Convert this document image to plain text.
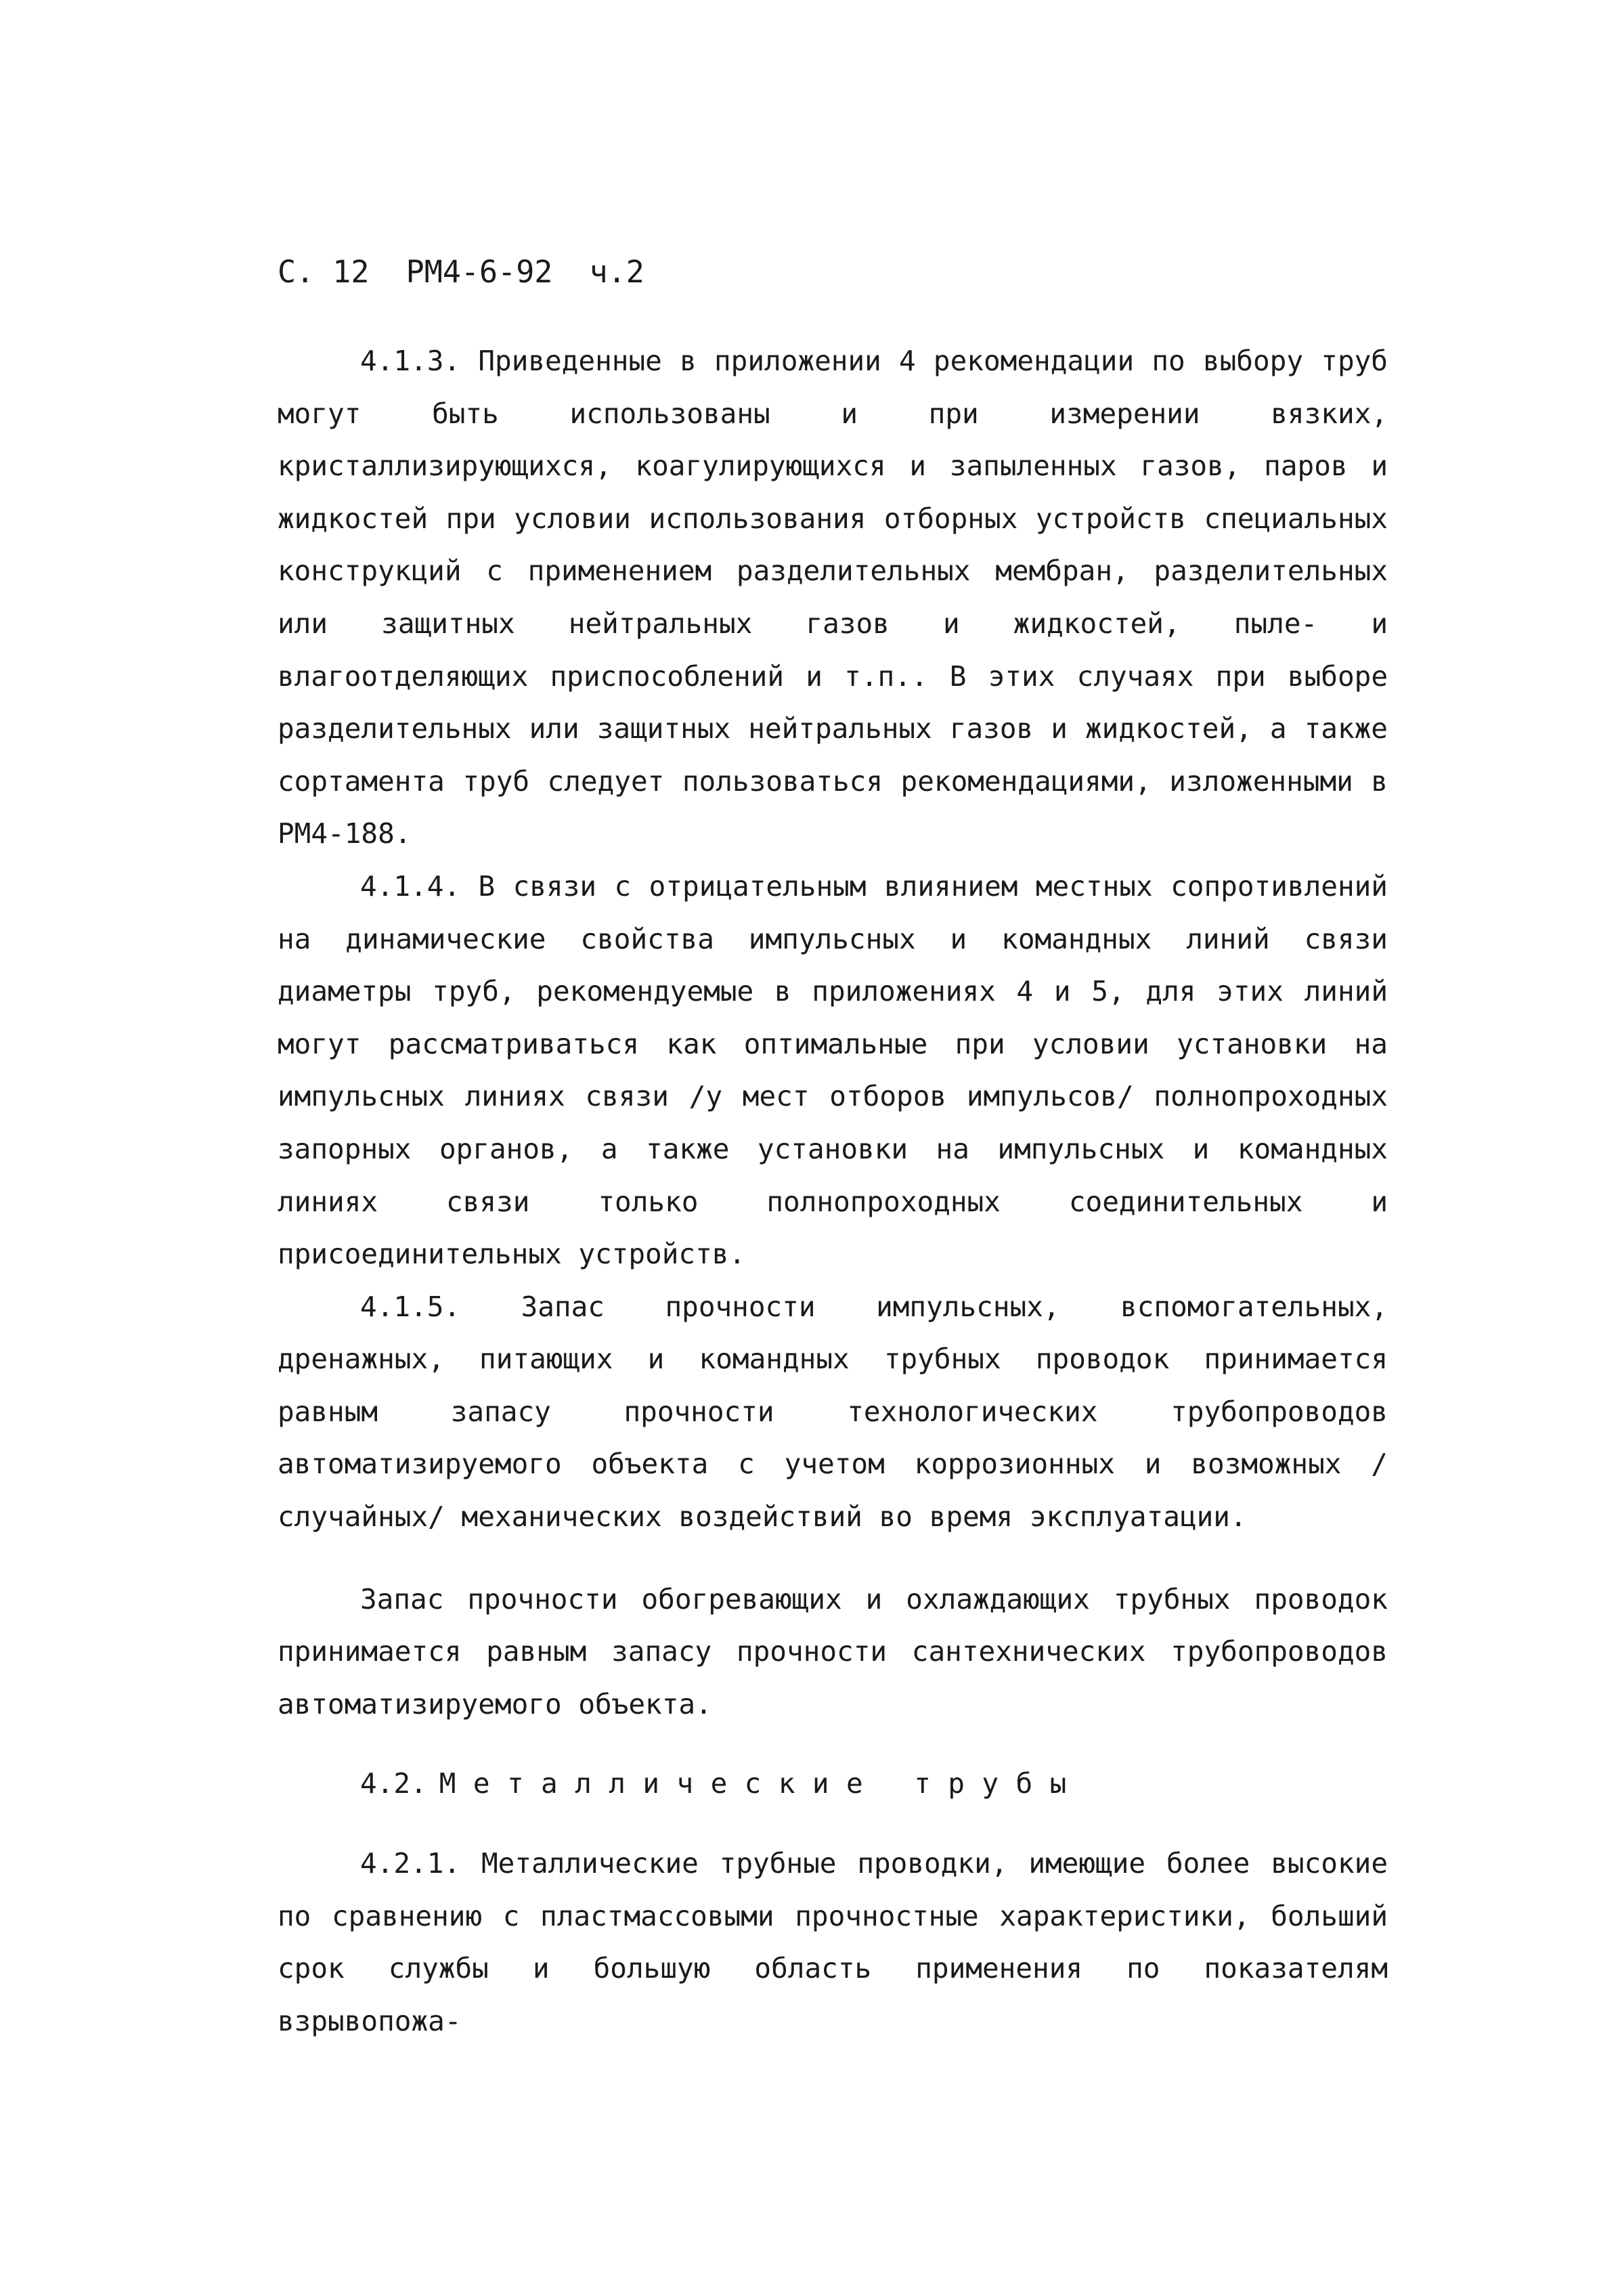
С. 12 РМ4-6-92 ч.2

4.1.3. Приведенные в приложении 4 рекомендации по выбору труб могут быть использованы и при измерении вязких, кристаллизирующихся, коагулирующихся и запыленных газов, паров и жидкостей при условии использования отборных устройств специальных конструкций с применением разделительных мембран, разделительных или защитных нейтральных газов и жидкостей, пыле- и влагоотделяющих приспособлений и т.п.. В этих случаях при выборе разделительных или защитных нейтральных газов и жидкостей, а также сортамента труб следует пользоваться рекомендациями, изложенными в РМ4-188.

4.1.4. В связи с отрицательным влиянием местных сопротивлений на динамические свойства импульсных и командных линий связи диаметры труб, рекомендуемые в приложениях 4 и 5, для этих линий могут рассматриваться как оптимальные при условии установки на импульсных линиях связи /у мест отборов импульсов/ полнопроходных запорных органов, а также установки на импульсных и командных линиях связи только полнопроходных соединительных и присоединительных устройств.

4.1.5. Запас прочности импульсных, вспомогательных, дренажных, питающих и командных трубных проводок принимается равным запасу прочности технологических трубопроводов автоматизируемого объекта с учетом коррозионных и возможных /случайных/ механических воздействий во время эксплуатации.

Запас прочности обогревающих и охлаждающих трубных проводок принимается равным запасу прочности сантехнических трубопроводов автоматизируемого объекта.

4.2. Металлические трубы

4.2.1. Металлические трубные проводки, имеющие более высокие по сравнению с пластмассовыми прочностные характеристики, больший срок службы и большую область применения по показателям взрывопожа-
